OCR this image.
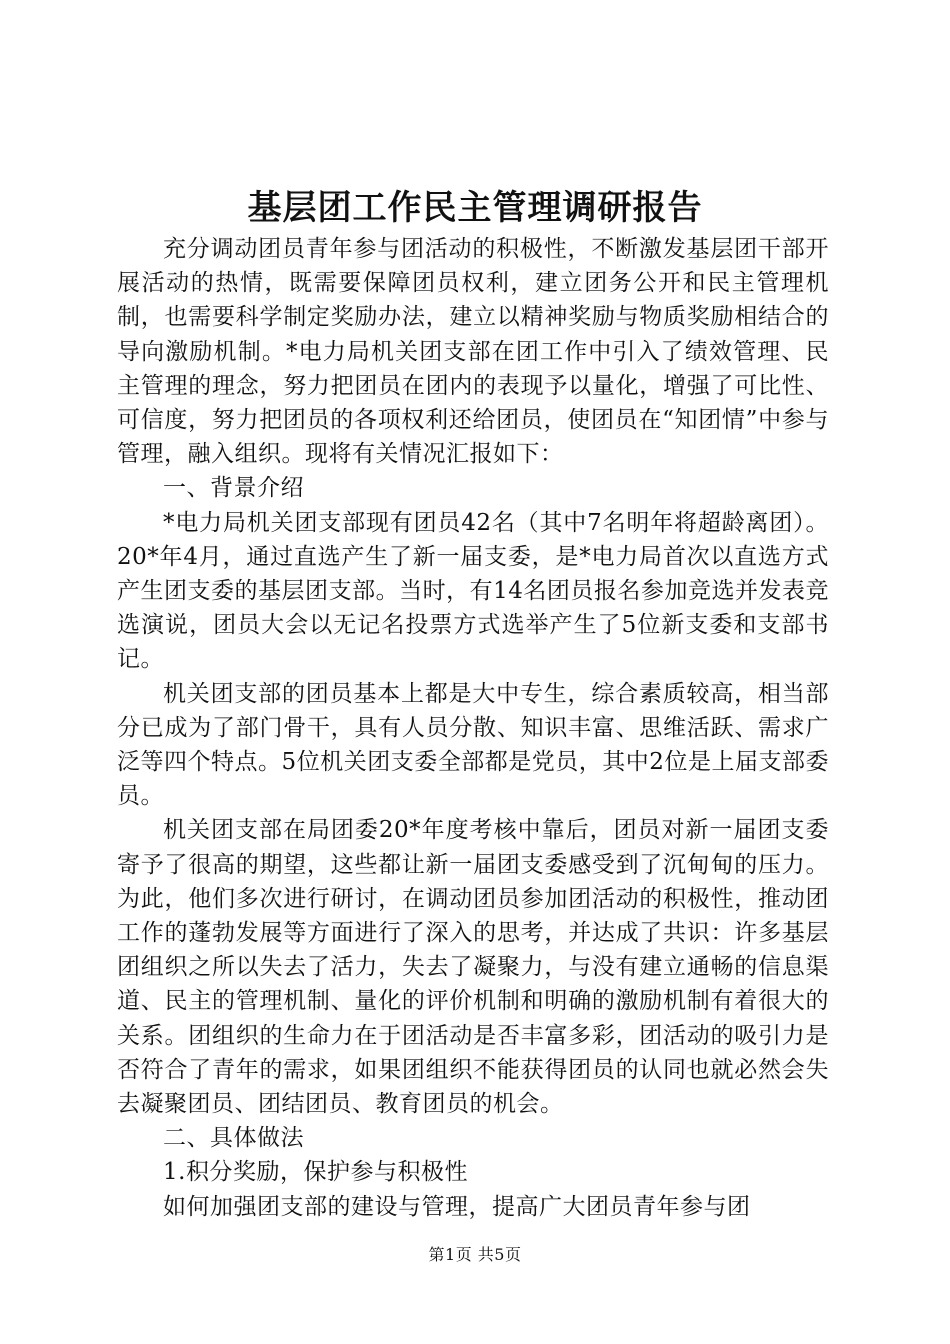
基层团工作民主管理调研报告

充分调动团员青年参与团活动的积极性，不断激发基层团干部开展活动的热情，既需要保障团员权利，建立团务公开和民主管理机制，也需要科学制定奖励办法，建立以精神奖励与物质奖励相结合的导向激励机制。*电力局机关团支部在团工作中引入了绩效管理、民主管理的理念，努力把团员在团内的表现予以量化，增强了可比性、可信度，努力把团员的各项权利还给团员，使团员在“知团情”中参与管理，融入组织。现将有关情况汇报如下：

一、背景介绍

*电力局机关团支部现有团员42名（其中7名明年将超龄离团）。20*年4月，通过直选产生了新一届支委，是*电力局首次以直选方式产生团支委的基层团支部。当时，有14名团员报名参加竞选并发表竞选演说，团员大会以无记名投票方式选举产生了5位新支委和支部书记。

机关团支部的团员基本上都是大中专生，综合素质较高，相当部分已成为了部门骨干，具有人员分散、知识丰富、思维活跃、需求广泛等四个特点。5位机关团支委全部都是党员，其中2位是上届支部委员。

机关团支部在局团委20*年度考核中靠后，团员对新一届团支委寄予了很高的期望，这些都让新一届团支委感受到了沉甸甸的压力。为此，他们多次进行研讨，在调动团员参加团活动的积极性，推动团工作的蓬勃发展等方面进行了深入的思考，并达成了共识：许多基层团组织之所以失去了活力，失去了凝聚力，与没有建立通畅的信息渠道、民主的管理机制、量化的评价机制和明确的激励机制有着很大的关系。团组织的生命力在于团活动是否丰富多彩，团活动的吸引力是否符合了青年的需求，如果团组织不能获得团员的认同也就必然会失去凝聚团员、团结团员、教育团员的机会。

二、具体做法

1.积分奖励，保护参与积极性

如何加强团支部的建设与管理，提高广大团员青年参与团

第1页 共5页
